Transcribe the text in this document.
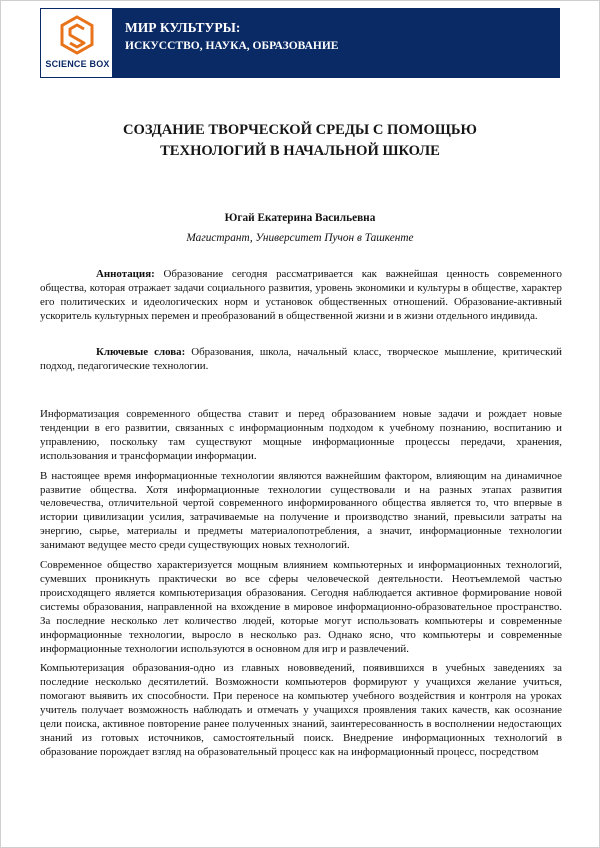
SCIENCE BOX
МИР КУЛЬТУРЫ:
ИСКУССТВО, НАУКА, ОБРАЗОВАНИЕ
СОЗДАНИЕ ТВОРЧЕСКОЙ СРЕДЫ С ПОМОЩЬЮ
ТЕХНОЛОГИЙ В НАЧАЛЬНОЙ ШКОЛЕ
Югай Екатерина Васильевна
Магистрант, Университет Пучон в Ташкенте

Аннотация: Образование сегодня рассматривается как важнейшая ценность современного общества, которая отражает задачи социального развития, уровень экономики и культуры в обществе, характер его политических и идеологических норм и установок общественных отношений. Образование-активный ускоритель культурных перемен и преобразований в общественной жизни и в жизни отдельного индивида.

Ключевые слова: Образования, школа, начальный класс, творческое мышление, критический подход, педагогические технологии.

Информатизация современного общества ставит и перед образованием новые задачи и рождает новые тенденции в его развитии, связанных с информационным подходом к учебному познанию, воспитанию и управлению, поскольку там существуют мощные информационные процессы передачи, хранения, использования и трансформации информации.

В настоящее время информационные технологии являются важнейшим фактором, влияющим на динамичное развитие общества. Хотя информационные технологии существовали и на разных этапах развития человечества, отличительной чертой современного информированного общества является то, что впервые в истории цивилизации усилия, затрачиваемые на получение и производство знаний, превысили затраты на энергию, сырье, материалы и предметы материалопотребления, а значит, информационные технологии занимают ведущее место среди существующих новых технологий.

Современное общество характеризуется мощным влиянием компьютерных и информационных технологий, сумевших проникнуть практически во все сферы человеческой деятельности. Неотъемлемой частью происходящего является компьютеризация образования. Сегодня наблюдается активное формирование новой системы образования, направленной на вхождение в мировое информационно-образовательное пространство. За последние несколько лет количество людей, которые могут использовать компьютеры и современные информационные технологии, выросло в несколько раз. Однако ясно, что компьютеры и современные информационные технологии используются в основном для игр и развлечений.

Компьютеризация образования-одно из главных нововведений, появившихся в учебных заведениях за последние несколько десятилетий. Возможности компьютеров формируют у учащихся желание учиться, помогают выявить их способности. При переносе на компьютер учебного воздействия и контроля на уроках учитель получает возможность наблюдать и отмечать у учащихся проявления таких качеств, как осознание цели поиска, активное повторение ранее полученных знаний, заинтересованность в восполнении недостающих знаний из готовых источников, самостоятельный поиск. Внедрение информационных технологий в образование порождает взгляд на образовательный процесс как на информационный процесс, посредством
